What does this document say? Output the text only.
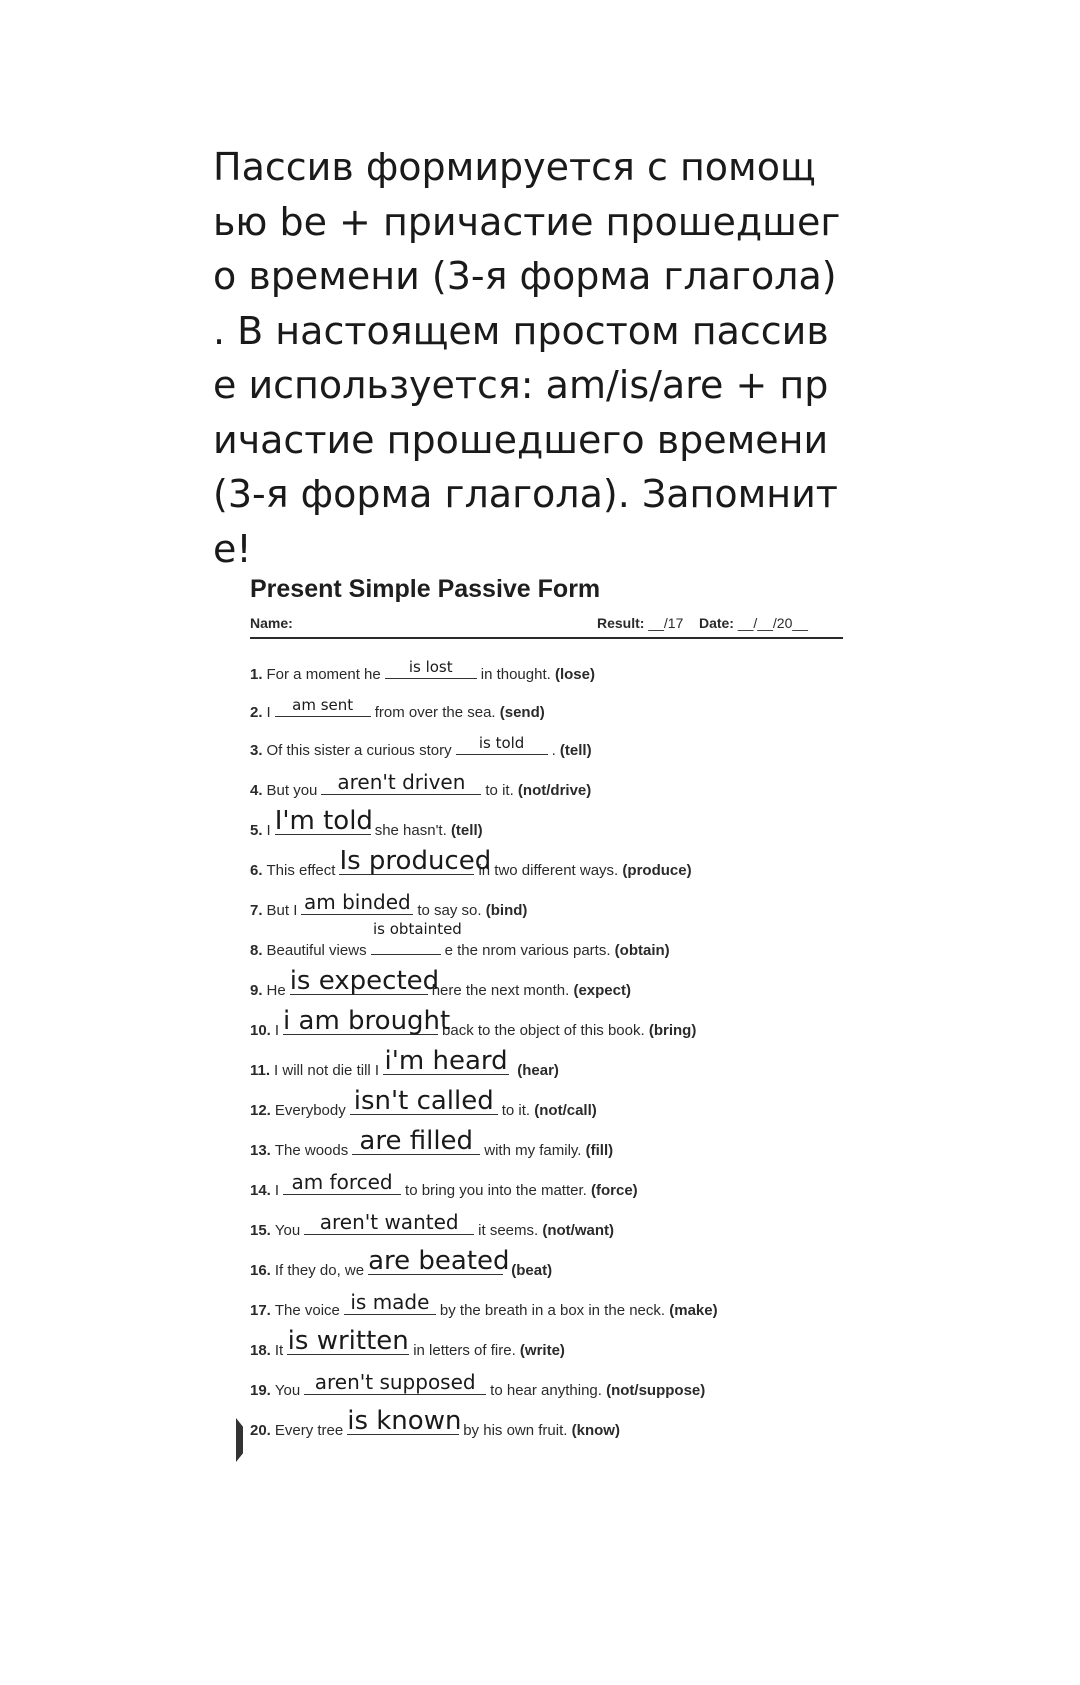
Пассив формируется с помощ
ью be + причастие прошедшег
о времени (3-я форма глагола)
. В настоящем простом пассив
е используется: am/is/are + пр
ичастие прошедшего времени
(3-я форма глагола). Запомнит
е!
Present Simple Passive Form
Name:	Result: __/17 Date: __/__/20__
1. For a moment he	is lost	in thought. (lose)
2. I	am sent	from over the sea. (send)
3. Of this sister a curious story	is told	. (tell)
4. But you aren't driven	to it. (not/drive)
5. I I'm told she hasn't. (tell)
6. This effect Is produced
in two different ways. (produce)
7. But I am binded to say so. (bind)
is obtainted
8. Beautiful views	e the nrom various parts. (obtain)
9. He is expected
here the next month. (expect)
10. I i am brought
back to the object of this book. (bring)
11. I will not die till I i'm heard (hear)
12. Everybody isn't called to it. (not/call)
13. The woods are filled with my family. (fill)
14. I am forced to bring you into the matter. (force)
15. You aren't wanted	it seems. (not/want)
16. If they do, we are beated (beat)
17. The voice is made by the breath in a box in the neck. (make)
18. It is written in letters of fire. (write)
19. You aren't supposed to hear anything. (not/suppose)
20. Every tree is known by his own fruit. (know)
